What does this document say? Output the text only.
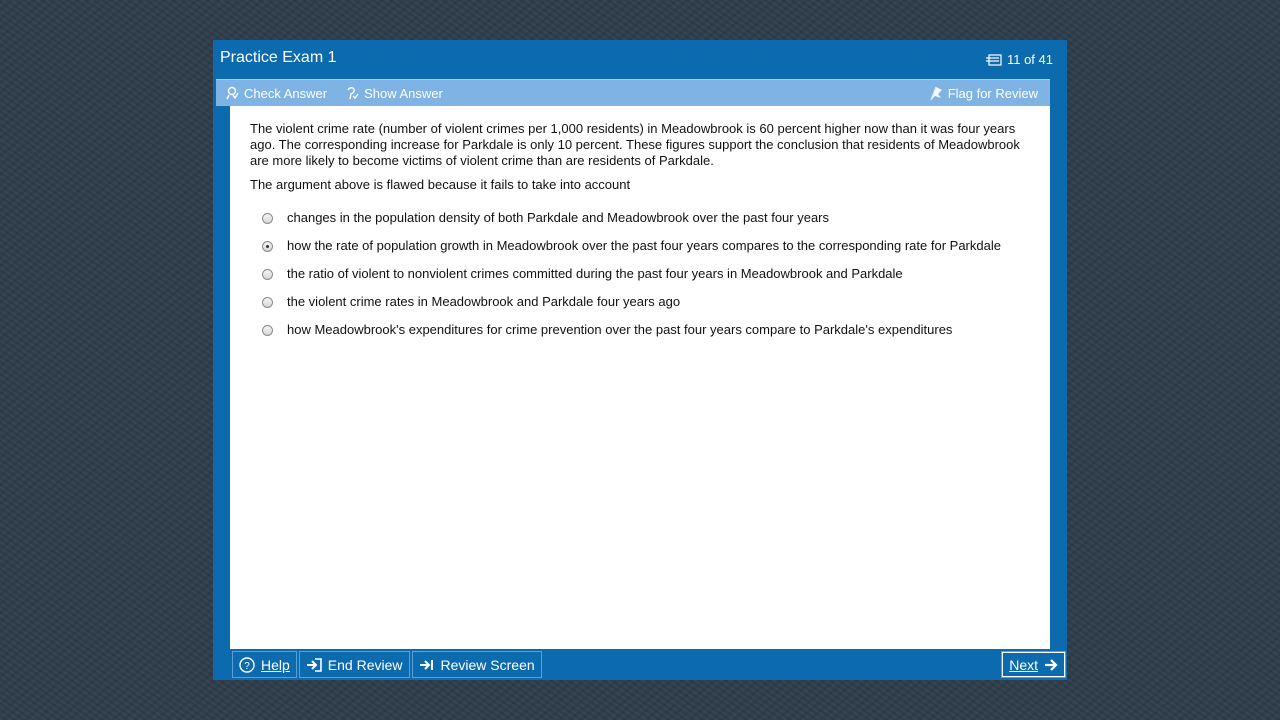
Practice Exam 1	11 of 41
Check Answer	Show Answer	Flag for Review

The violent crime rate (number of violent crimes per 1,000 residents) in Meadowbrook is 60 percent higher now than it was four years ago. The corresponding increase for Parkdale is only 10 percent. These figures support the conclusion that residents of Meadowbrook are more likely to become victims of violent crime than are residents of Parkdale.

The argument above is flawed because it fails to take into account

changes in the population density of both Parkdale and Meadowbrook over the past four years
how the rate of population growth in Meadowbrook over the past four years compares to the corresponding rate for Parkdale
the ratio of violent to nonviolent crimes committed during the past four years in Meadowbrook and Parkdale
the violent crime rates in Meadowbrook and Parkdale four years ago
how Meadowbrook's expenditures for crime prevention over the past four years compare to Parkdale's expenditures
? Help	End Review	Review Screen	Next
